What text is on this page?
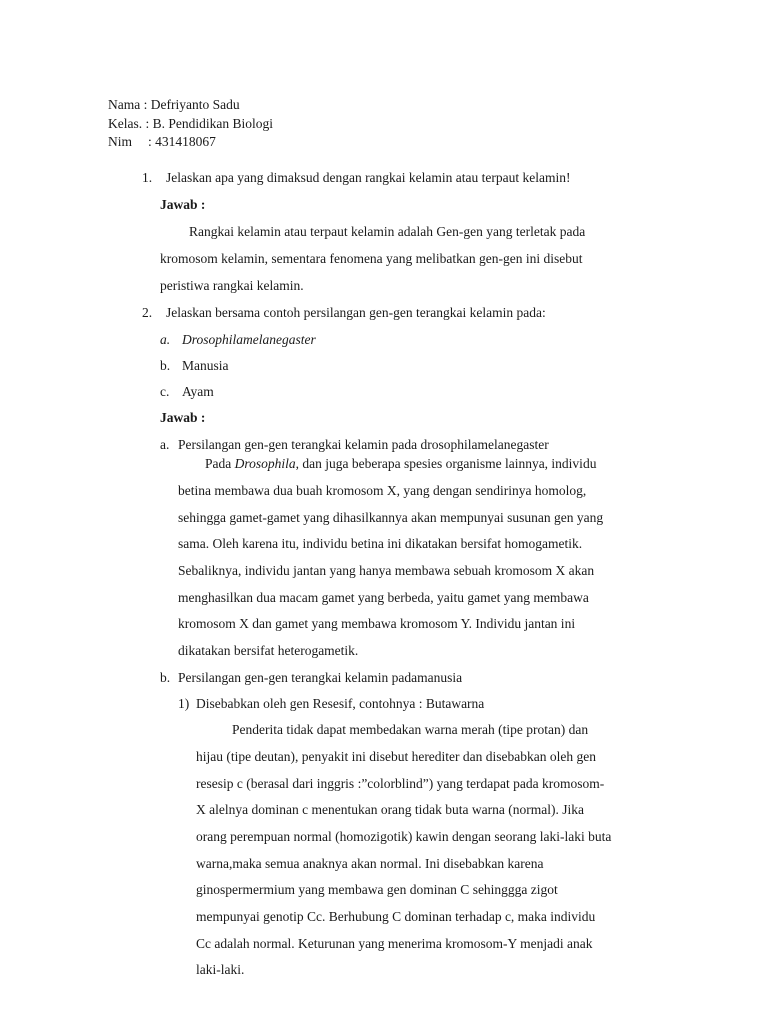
Nama : Defriyanto Sadu
Kelas. : B. Pendidikan Biologi
Nim : 431418067
1. Jelaskan apa yang dimaksud dengan rangkai kelamin atau terpaut kelamin!
Jawab :
Rangkai kelamin atau terpaut kelamin adalah Gen-gen yang terletak pada
kromosom kelamin, sementara fenomena yang melibatkan gen-gen ini disebut
peristiwa rangkai kelamin.
2. Jelaskan bersama contoh persilangan gen-gen terangkai kelamin pada:
a. Drosophilamelanegaster
b. Manusia
c. Ayam
Jawab :
a. Persilangan gen-gen terangkai kelamin pada drosophilamelanegaster
Pada Drosophila, dan juga beberapa spesies organisme lainnya, individu
betina membawa dua buah kromosom X, yang dengan sendirinya homolog,
sehingga gamet-gamet yang dihasilkannya akan mempunyai susunan gen yang
sama. Oleh karena itu, individu betina ini dikatakan bersifat homogametik.
Sebaliknya, individu jantan yang hanya membawa sebuah kromosom X akan
menghasilkan dua macam gamet yang berbeda, yaitu gamet yang membawa
kromosom X dan gamet yang membawa kromosom Y. Individu jantan ini
dikatakan bersifat heterogametik.
b. Persilangan gen-gen terangkai kelamin padamanusia
1) Disebabkan oleh gen Resesif, contohnya : Butawarna
Penderita tidak dapat membedakan warna merah (tipe protan) dan
hijau (tipe deutan), penyakit ini disebut herediter dan disebabkan oleh gen
resesip c (berasal dari inggris :”colorblind”) yang terdapat pada kromosom-
X alelnya dominan c menentukan orang tidak buta warna (normal). Jika
orang perempuan normal (homozigotik) kawin dengan seorang laki-laki buta
warna,maka semua anaknya akan normal. Ini disebabkan karena
ginospermermium yang membawa gen dominan C sehinggga zigot
mempunyai genotip Cc. Berhubung C dominan terhadap c, maka individu
Cc adalah normal. Keturunan yang menerima kromosom-Y menjadi anak
laki-laki.
